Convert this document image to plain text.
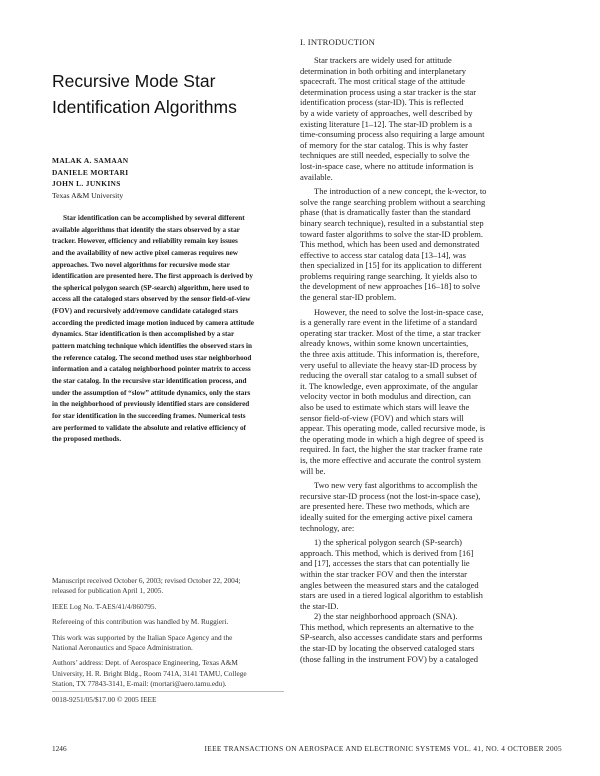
Recursive Mode Star
Identification Algorithms
MALAK A. SAMAAN
DANIELE MORTARI
JOHN L. JUNKINS
Texas A&M University
Star identification can be accomplished by several different
available algorithms that identify the stars observed by a star
tracker. However, efficiency and reliability remain key issues
and the availability of new active pixel cameras requires new
approaches. Two novel algorithms for recursive mode star
identification are presented here. The first approach is derived by
the spherical polygon search (SP-search) algorithm, here used to
access all the cataloged stars observed by the sensor field-of-view
(FOV) and recursively add/remove candidate cataloged stars
according the predicted image motion induced by camera attitude
dynamics. Star identification is then accomplished by a star
pattern matching technique which identifies the observed stars in
the reference catalog. The second method uses star neighborhood
information and a catalog neighborhood pointer matrix to access
the star catalog. In the recursive star identification process, and
under the assumption of “slow” attitude dynamics, only the stars
in the neighborhood of previously identified stars are considered
for star identification in the succeeding frames. Numerical tests
are performed to validate the absolute and relative efficiency of
the proposed methods.
Manuscript received October 6, 2003; revised October 22, 2004;
released for publication April 1, 2005.
IEEE Log No. T-AES/41/4/860795.
Refereeing of this contribution was handled by M. Ruggieri.
This work was supported by the Italian Space Agency and the
National Aeronautics and Space Administration.
Authors’ address: Dept. of Aerospace Engineering, Texas A&M
University, H. R. Bright Bldg., Room 741A, 3141 TAMU, College
Station, TX 77843-3141, E-mail: (mortari@aero.tamu.edu).
0018-9251/05/$17.00 © 2005 IEEE
I. INTRODUCTION
Star trackers are widely used for attitude
determination in both orbiting and interplanetary
spacecraft. The most critical stage of the attitude
determination process using a star tracker is the star
identification process (star-ID). This is reflected
by a wide variety of approaches, well described by
existing literature [1–12]. The star-ID problem is a
time-consuming process also requiring a large amount
of memory for the star catalog. This is why faster
techniques are still needed, especially to solve the
lost-in-space case, where no attitude information is
available.
The introduction of a new concept, the k-vector, to
solve the range searching problem without a searching
phase (that is dramatically faster than the standard
binary search technique), resulted in a substantial step
toward faster algorithms to solve the star-ID problem.
This method, which has been used and demonstrated
effective to access star catalog data [13–14], was
then specialized in [15] for its application to different
problems requiring range searching. It yields also to
the development of new approaches [16–18] to solve
the general star-ID problem.
However, the need to solve the lost-in-space case,
is a generally rare event in the lifetime of a standard
operating star tracker. Most of the time, a star tracker
already knows, within some known uncertainties,
the three axis attitude. This information is, therefore,
very useful to alleviate the heavy star-ID process by
reducing the overall star catalog to a small subset of
it. The knowledge, even approximate, of the angular
velocity vector in both modulus and direction, can
also be used to estimate which stars will leave the
sensor field-of-view (FOV) and which stars will
appear. This operating mode, called recursive mode, is
the operating mode in which a high degree of speed is
required. In fact, the higher the star tracker frame rate
is, the more effective and accurate the control system
will be.
Two new very fast algorithms to accomplish the
recursive star-ID process (not the lost-in-space case),
are presented here. These two methods, which are
ideally suited for the emerging active pixel camera
technology, are:
1) the spherical polygon search (SP-search)
approach. This method, which is derived from [16]
and [17], accesses the stars that can potentially lie
within the star tracker FOV and then the interstar
angles between the measured stars and the cataloged
stars are used in a tiered logical algorithm to establish
the star-ID.
2) the star neighborhood approach (SNA).
This method, which represents an alternative to the
SP-search, also accesses candidate stars and performs
the star-ID by locating the observed cataloged stars
(those falling in the instrument FOV) by a cataloged
1246	IEEE TRANSACTIONS ON AEROSPACE AND ELECTRONIC SYSTEMS VOL. 41, NO. 4 OCTOBER 2005
